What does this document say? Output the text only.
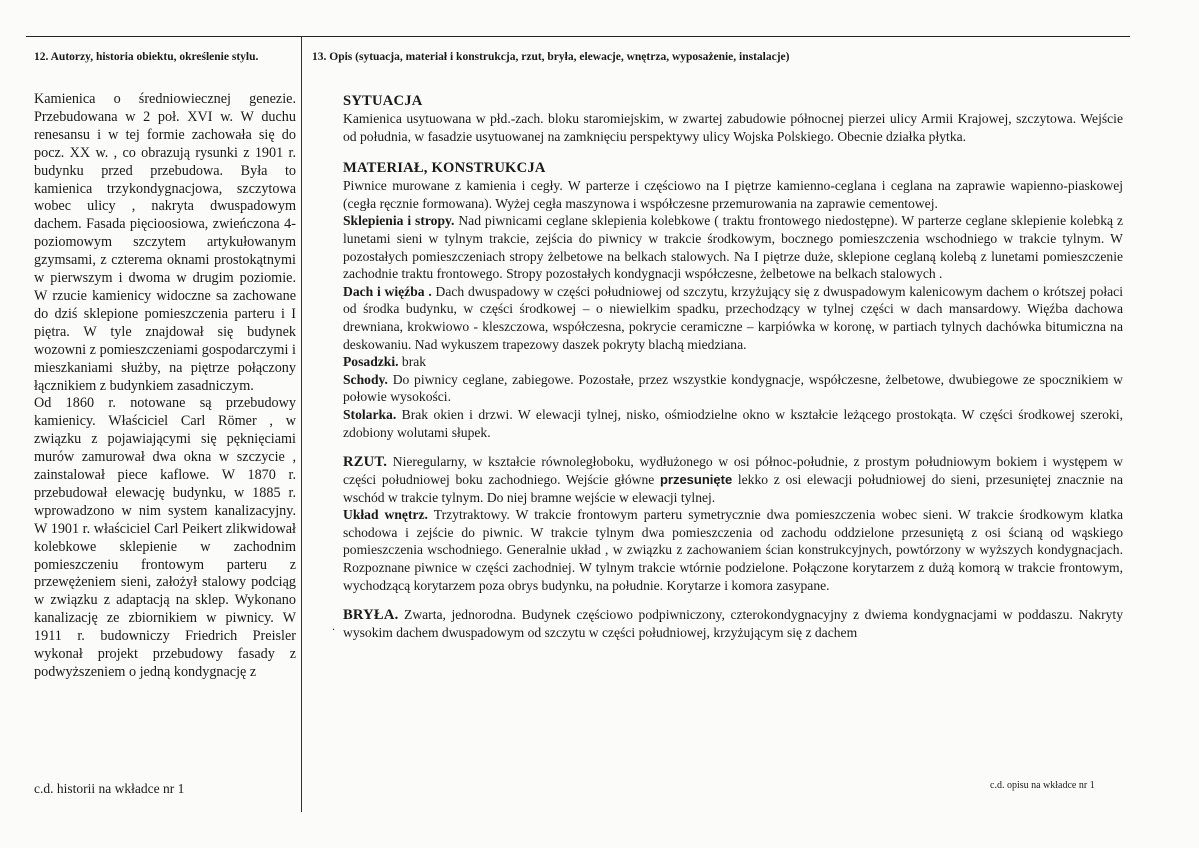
12. Autorzy, historia obiektu, określenie stylu.	13. Opis (sytuacja, materiał i konstrukcja, rzut, bryła, elewacje, wnętrza, wyposażenie, instalacje)

Kamienica o średniowiecznej genezie. Przebudowana w 2 poł. XVI w. W duchu renesansu i w tej formie zachowała się do pocz. XX w. , co obrazują rysunki z 1901 r. budynku przed przebudowa. Była to kamienica trzykondygnacjowa, szczytowa wobec ulicy , nakryta dwuspadowym dachem. Fasada pięcioosiowa, zwieńczona 4-poziomowym szczytem artykułowanym gzymsami, z czterema oknami prostokątnymi w pierwszym i dwoma w drugim poziomie. W rzucie kamienicy widoczne sa zachowane do dziś sklepione pomieszczenia parteru i I piętra. W tyle znajdował się budynek wozowni z pomieszczeniami gospodarczymi i mieszkaniami służby, na piętrze połączony łącznikiem z budynkiem zasadniczym.

Od 1860 r. notowane są przebudowy kamienicy. Właściciel Carl Römer , w związku z pojawiającymi się pęknięciami murów zamurował dwa okna w szczycie , zainstalował piece kaflowe. W 1870 r. przebudował elewację budynku, w 1885 r. wprowadzono w nim system kanalizacyjny. W 1901 r. właściciel Carl Peikert zlikwidował kolebkowe sklepienie w zachodnim pomieszczeniu frontowym parteru z przewężeniem sieni, założył stalowy podciąg w związku z adaptacją na sklep. Wykonano kanalizację ze zbiornikiem w piwnicy. W 1911 r. budowniczy Friedrich Preisler wykonał projekt przebudowy fasady z podwyższeniem o jedną kondygnację z

SYTUACJA

Kamienica usytuowana w płd.-zach. bloku staromiejskim, w zwartej zabudowie północnej pierzei ulicy Armii Krajowej, szczytowa. Wejście od południa, w fasadzie usytuowanej na zamknięciu perspektywy ulicy Wojska Polskiego. Obecnie działka płytka.

MATERIAŁ, KONSTRUKCJA

Piwnice murowane z kamienia i cegły. W parterze i częściowo na I piętrze kamienno-ceglana i ceglana na zaprawie wapienno-piaskowej (cegła ręcznie formowana). Wyżej cegła maszynowa i współczesne przemurowania na zaprawie cementowej.

Sklepienia i stropy. Nad piwnicami ceglane sklepienia kolebkowe ( traktu frontowego niedostępne). W parterze ceglane sklepienie kolebką z lunetami sieni w tylnym trakcie, zejścia do piwnicy w trakcie środkowym, bocznego pomieszczenia wschodniego w trakcie tylnym. W pozostałych pomieszczeniach stropy żelbetowe na belkach stalowych. Na I piętrze duże, sklepione ceglaną kolebą z lunetami pomieszczenie zachodnie traktu frontowego. Stropy pozostałych kondygnacji współczesne, żelbetowe na belkach stalowych .

Dach i więźba . Dach dwuspadowy w części południowej od szczytu, krzyżujący się z dwuspadowym kalenicowym dachem o krótszej połaci od środka budynku, w części środkowej – o niewielkim spadku, przechodzący w tylnej części w dach mansardowy. Więźba dachowa drewniana, krokwiowo - kleszczowa, współczesna, pokrycie ceramiczne – karpiówka w koronę, w partiach tylnych dachówka bitumiczna na deskowaniu. Nad wykuszem trapezowy daszek pokryty blachą miedziana.

Posadzki. brak

Schody. Do piwnicy ceglane, zabiegowe. Pozostałe, przez wszystkie kondygnacje, współczesne, żelbetowe, dwubiegowe ze spocznikiem w połowie wysokości.

Stolarka. Brak okien i drzwi. W elewacji tylnej, nisko, ośmiodzielne okno w kształcie leżącego prostokąta. W części środkowej szeroki, zdobiony wolutami słupek.

RZUT. Nieregularny, w kształcie równoległoboku, wydłużonego w osi północ-południe, z prostym południowym bokiem i występem w części południowej boku zachodniego. Wejście główne przesunięte lekko z osi elewacji południowej do sieni, przesuniętej znacznie na wschód w trakcie tylnym. Do niej bramne wejście w elewacji tylnej.

Układ wnętrz. Trzytraktowy. W trakcie frontowym parteru symetrycznie dwa pomieszczenia wobec sieni. W trakcie środkowym klatka schodowa i zejście do piwnic. W trakcie tylnym dwa pomieszczenia od zachodu oddzielone przesuniętą z osi ścianą od wąskiego pomieszczenia wschodniego. Generalnie układ , w związku z zachowaniem ścian konstrukcyjnych, powtórzony w wyższych kondygnacjach. Rozpoznane piwnice w części zachodniej. W tylnym trakcie wtórnie podzielone. Połączone korytarzem z dużą komorą w trakcie frontowym, wychodzącą korytarzem poza obrys budynku, na południe. Korytarze i komora zasypane.

BRYŁA. Zwarta, jednorodna. Budynek częściowo podpiwniczony, czterokondygnacyjny z dwiema kondygnacjami w poddaszu. Nakryty wysokim dachem dwuspadowym od szczytu w części południowej, krzyżującym się z dachem

.
c.d. historii na wkładce nr 1	c.d. opisu na wkładce nr 1
